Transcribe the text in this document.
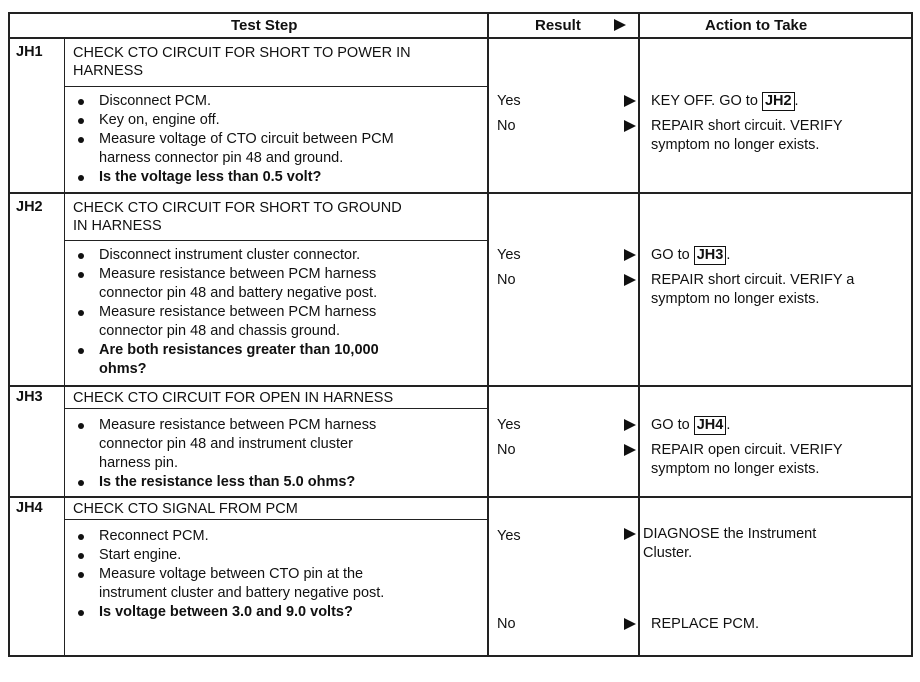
Test Step	Result	Action to Take
JH1 CHECK CTO CIRCUIT FOR SHORT TO POWER IN
HARNESS
Disconnect PCM.
Key on, engine off.
Measure voltage of CTO circuit between PCM
harness connector pin 48 and ground.
Is the voltage less than 0.5 volt?
Yes	KEY OFF. GO to JH2 .
No	REPAIR short circuit. VERIFY
symptom no longer exists.
JH2 CHECK CTO CIRCUIT FOR SHORT TO GROUND
IN HARNESS
Disconnect instrument cluster connector.
Measure resistance between PCM harness
connector pin 48 and battery negative post.
Measure resistance between PCM harness
connector pin 48 and chassis ground.
Are both resistances greater than 10,000
ohms?
Yes	GO to JH3 .
No	REPAIR short circuit. VERIFY a
symptom no longer exists.
JH3 CHECK CTO CIRCUIT FOR OPEN IN HARNESS
Measure resistance between PCM harness
connector pin 48 and instrument cluster
harness pin.
Is the resistance less than 5.0 ohms?
Yes	GO to JH4 .
No	REPAIR open circuit. VERIFY
symptom no longer exists.
JH4 CHECK CTO SIGNAL FROM PCM
Reconnect PCM.
Start engine.
Measure voltage between CTO pin at the
instrument cluster and battery negative post.
Is voltage between 3.0 and 9.0 volts?
Yes	DIAGNOSE the Instrument
Cluster.
No	REPLACE PCM.
